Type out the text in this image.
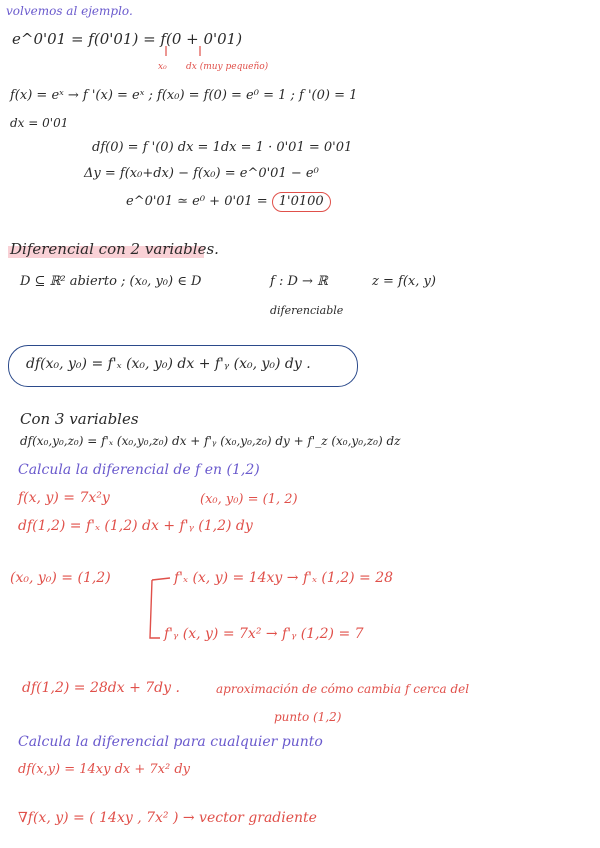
volvemos al ejemplo.
e^0'01 = f(0'01) = f(0 + 0'01)
x₀ dx (muy pequeño)
f(x) = eˣ → f '(x) = eˣ ; f(x₀) = f(0) = e⁰ = 1 ; f '(0) = 1
dx = 0'01
df(0) = f '(0) dx = 1dx = 1 · 0'01 = 0'01
Δy = f(x₀+dx) − f(x₀) = e^0'01 − e⁰
e^0'01 ≃ e⁰ + 0'01 = 1'0100
Diferencial con 2 variables.
D ⊆ ℝ² abierto ; (x₀, y₀) ∈ D	f : D → ℝ	z = f(x, y)
diferenciable
df(x₀, y₀) = f'ₓ (x₀, y₀) dx + f'ᵧ (x₀, y₀) dy .
Con 3 variables
df(x₀,y₀,z₀) = f'ₓ (x₀,y₀,z₀) dx + f'ᵧ (x₀,y₀,z₀) dy + f'_z (x₀,y₀,z₀) dz
Calcula la diferencial de f en (1,2)
f(x, y) = 7x²y	(x₀, y₀) = (1, 2)
df(1,2) = f'ₓ (1,2) dx + f'ᵧ (1,2) dy
(x₀, y₀) = (1,2)	f'ₓ (x, y) = 14xy → f'ₓ (1,2) = 28
f'ᵧ (x, y) = 7x² → f'ᵧ (1,2) = 7
df(1,2) = 28dx + 7dy .	aproximación de cómo cambia f cerca del
punto (1,2)
Calcula la diferencial para cualquier punto
df(x,y) = 14xy dx + 7x² dy
∇f(x, y) = ( 14xy , 7x² ) → vector gradiente
